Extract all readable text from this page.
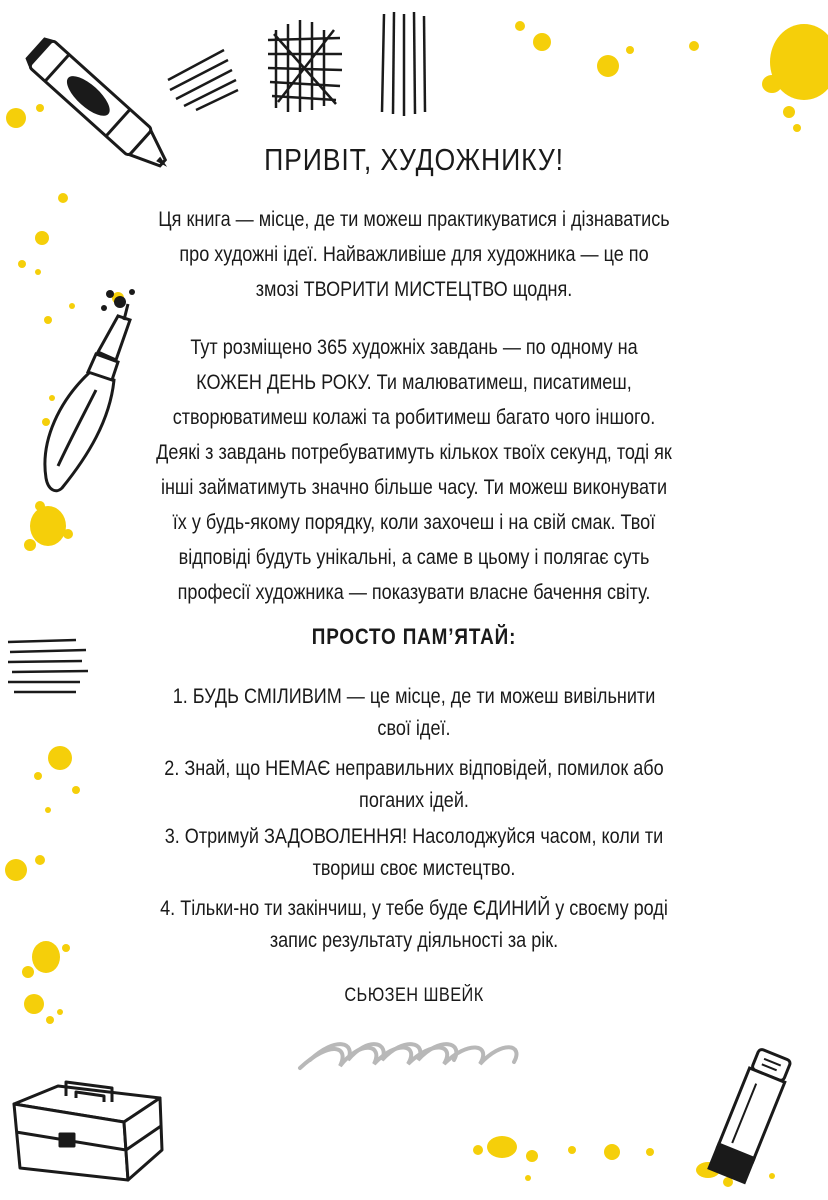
ПРИВІТ, ХУДОЖНИКУ!

Ця книга — місце, де ти можеш практикуватися і дізнаватись про художні ідеї. Найважливіше для художника — це по змозі ТВОРИТИ МИСТЕЦТВО щодня.

Тут розміщено 365 художніх завдань — по одному на КОЖЕН ДЕНЬ РОКУ. Ти малюватимеш, писатимеш, створюватимеш колажі та робитимеш багато чого іншого. Деякі з завдань потребуватимуть кількох твоїх секунд, тоді як інші займатимуть значно більше часу. Ти можеш виконувати їх у будь-якому порядку, коли захочеш і на свій смак. Твої відповіді будуть унікальні, а саме в цьому і полягає суть професії художника — показувати власне бачення світу.

ПРОСТО ПАМ’ЯТАЙ:

1. БУДЬ СМІЛИВИМ — це місце, де ти можеш вивільнити свої ідеї.

2. Знай, що НЕМАЄ неправильних відповідей, помилок або поганих ідей.

3. Отримуй ЗАДОВОЛЕННЯ! Насолоджуйся часом, коли ти твориш своє мистецтво.

4. Тільки-но ти закінчиш, у тебе буде ЄДИНИЙ у своєму роді запис результату діяльності за рік.

СЬЮЗЕН ШВЕЙК
